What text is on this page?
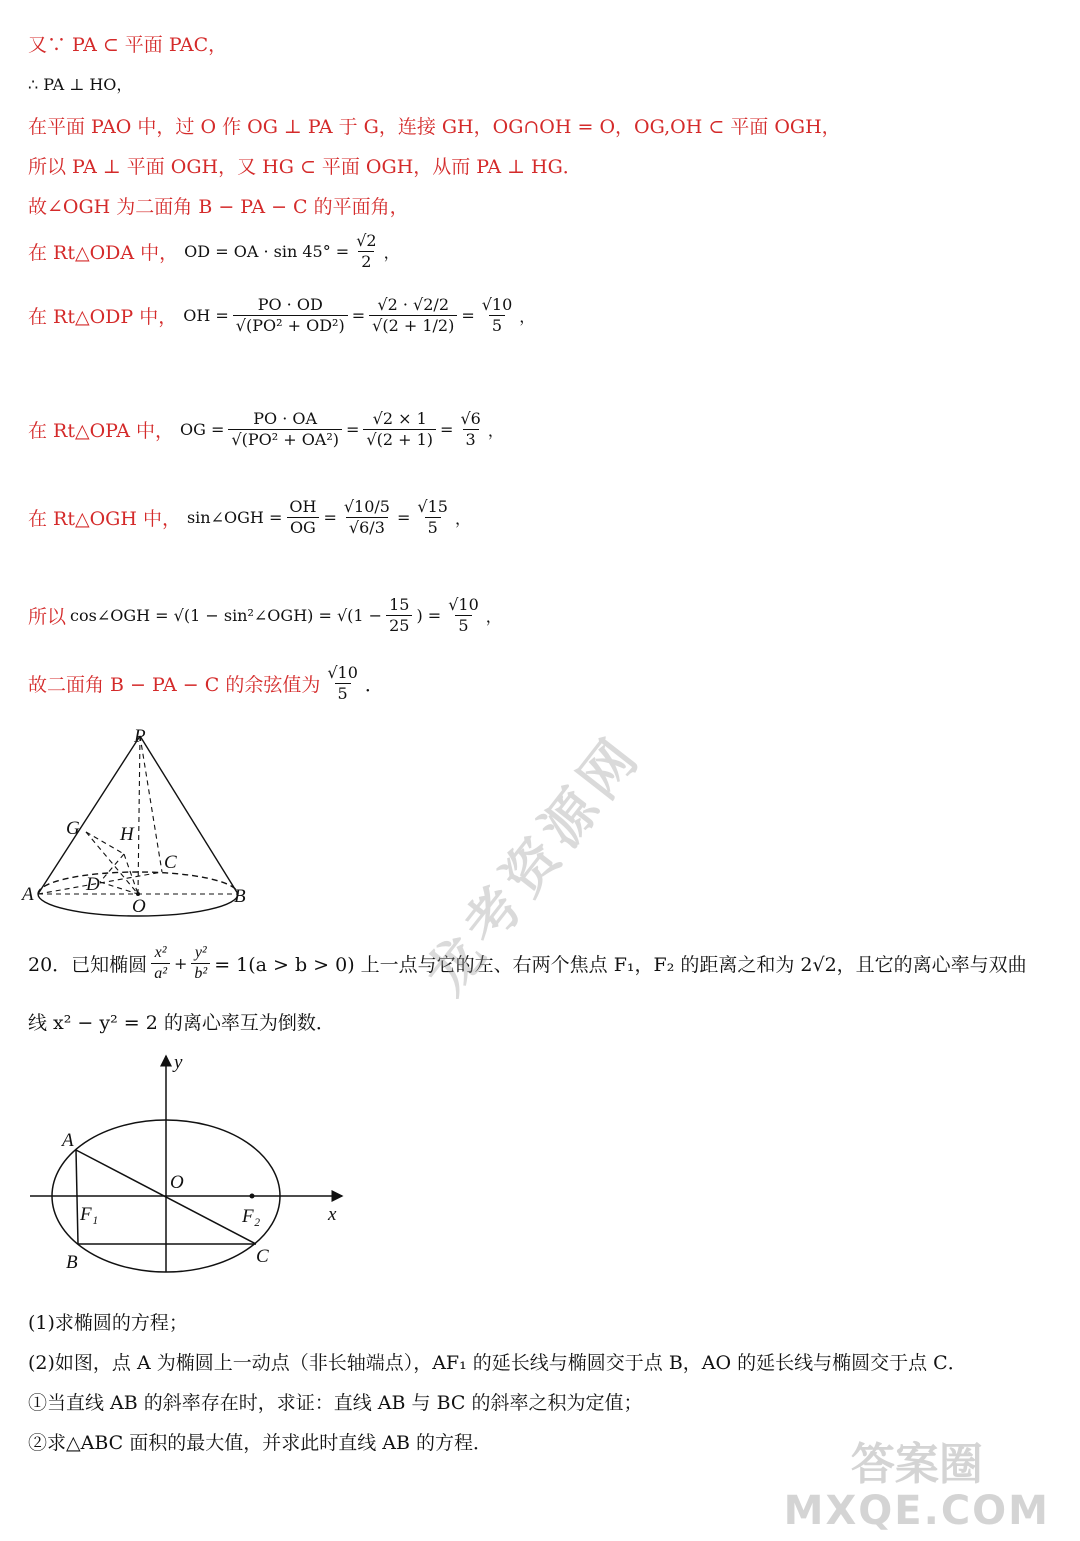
又∵ PA ⊂ 平面 PAC，
∴ PA ⊥ HO，
在平面 PAO 中，过 O 作 OG ⊥ PA 于 G，连接 GH，OG∩OH = O，OG,OH ⊂ 平面 OGH，
所以 PA ⊥ 平面 OGH，又 HG ⊂ 平面 OGH，从而 PA ⊥ HG．
故∠OGH 为二面角 B − PA − C 的平面角，
在 Rt△ODA 中， OD = OA · $\sin 45^\circ = \frac{√2}{2}$ ，
在 Rt△ODP 中， OH = $\frac{PO \cdot OD}{\text{√(PO² + OD²)}} = \frac{√2 \cdot √2/2}{√(2 + 1/2)} = \frac{√10}{5}$ ，
在 Rt△OPA 中， OG = $\frac{PO \cdot OA}{\text{√(PO² + OA²)}} = \frac{√2 \times 1}{√(2 + 1)} = \frac{√6}{3}$ ，
在 Rt△OGH 中， sin∠OGH = $\frac{OH}{OG} = \frac{√10/5}{√6/3} = \frac{√15}{5}$ ，
所以 cos∠OGH = √(1 − sin²∠OGH) = $√(1 - \frac{15}{25}$ ) = $\frac{√10}{5}$ ，
故二面角 B − PA − C 的余弦值为 $\frac{√10}{5}$ ．
P
G H
C
D
A
O	B
20．已知椭圆 $\frac{\text{x²}}{\text{a²}} + \frac{\text{y²}}{\text{b²}} = 1(a > b > 0)$ 上一点与它的左、右两个焦点 F₁，F₂ 的距离之和为 2√2，且它的离心率与双曲
线 x² − y² = 2 的离心率互为倒数．
y
x
A
O
F₁	F₂
B	C
(1)求椭圆的方程；
(2)如图，点 A 为椭圆上一动点（非长轴端点），AF₁ 的延长线与椭圆交于点 B，AO 的延长线与椭圆交于点 C．
①当直线 AB 的斜率存在时，求证：直线 AB 与 BC 的斜率之积为定值；
②求△ABC 面积的最大值，并求此时直线 AB 的方程．
龙考资源网
答案圈
MXQE.COM
